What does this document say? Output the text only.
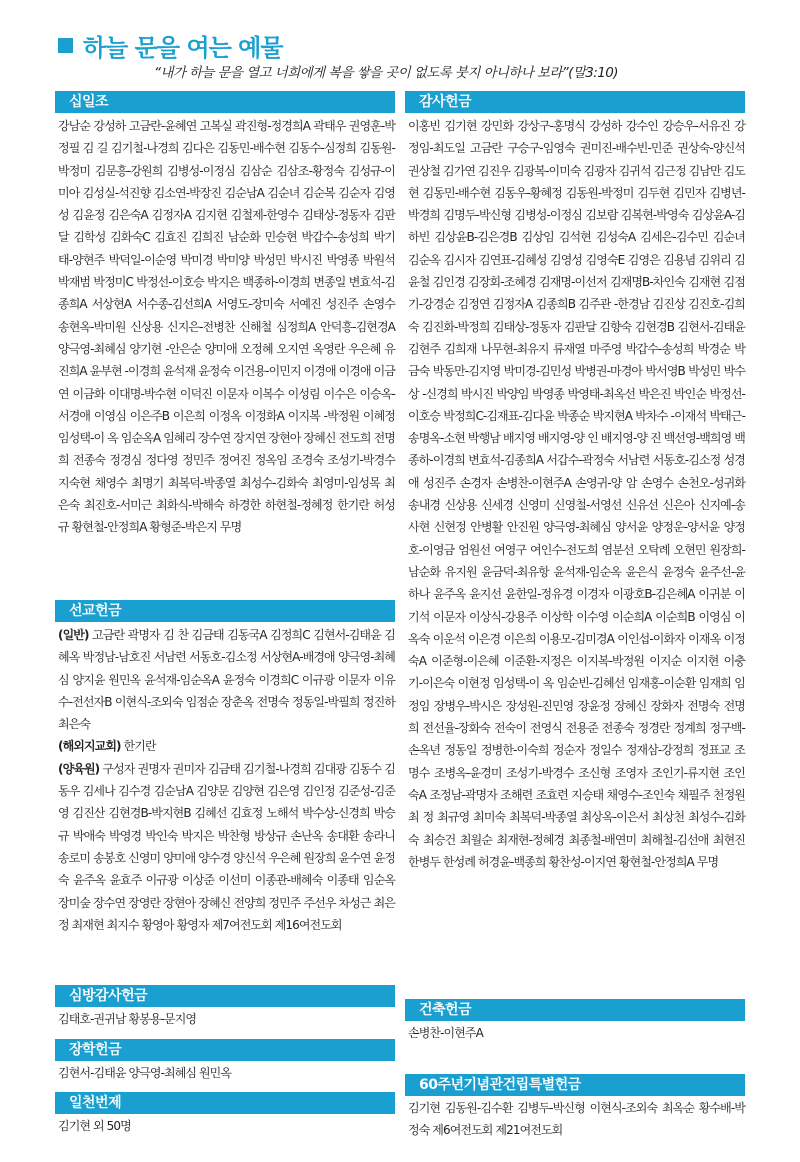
하늘 문을 여는 예물
“내가 하늘 문을 열고 너희에게 복을 쌓을 곳이 없도록 붓지 아니하나 보라”(말3:10)
십일조
강남순 강성하 고금란-윤혜연 고복실 곽진형-정경희A 곽태우 권영훈-박정필 김 길 김기철-나경희 김다은 김동민-배수현 김동수-심정희 김동원-박정미 김문흥-강원희 김병성-이정심 김삼순 김삼조-황정숙 김성규-이미아 김성실-석진향 김소연-박장진 김순남A 김순녀 김순복 김순자 김영성 김윤정 김은숙A 김정자A 김지현 김철제-한영수 김태상-정동자 김판달 김학성 김화숙C 김효진 김희진 남순화 민승현 박갑수-송성희 박기태-양현주 박덕일-이순영 박미경 박미양 박성민 박시진 박영종 박원석 박재범 박정미C 박정선-이호승 박지은 백종하-이경희 변종일 변효석-김종희A 서상현A 서수종-김선희A 서영도-장미숙 서예진 성진주 손영수 송현옥-박미원 신상용 신지은-전병찬 신해철 심정희A 안덕흥-김현경A 양극영-최혜심 양기현 -안은순 양미애 오정혜 오지연 옥영란 우은혜 유진희A 윤부현 -이경희 윤석재 윤정숙 이건용-이민지 이경애 이경애 이금연 이금화 이대명-박수현 이덕진 이문자 이복수 이성림 이수은 이승옥-서경애 이영심 이은주B 이은희 이정옥 이정화A 이지복 -박정원 이혜정 임성택-이 옥 임순옥A 임혜리 장수연 장지연 장현아 장혜신 전도희 전명희 전종숙 정경심 정다영 정민주 정여진 정옥임 조경숙 조성기-박경수 지숙현 채영수 최명기 최복덕-박종열 최성수-김화숙 최영미-임성목 최은숙 최진호-서미근 최화식-박해숙 하경한 하현철-정혜정 한기란 허성규 황현철-안정희A 황형준-박은지 무명
선교헌금
(일반) 고금란 곽명자 김 찬 김금태 김동국A 김정희C 김현서-김태윤 김혜옥 박정남-남호진 서남련 서동호-김소정 서상현A-배경애 양극영-최혜심 양지윤 원민옥 윤석재-임순옥A 윤정숙 이경희C 이규광 이문자 이유수-전선자B 이현식-조외숙 임점순 장춘옥 전명숙 정동일-박필희 정진하 최은숙
(해외지교회) 한기란
(양육원) 구성자 권명자 권미자 김금태 김기철-나경희 김대광 김동수 김동우 김세나 김수경 김순남A 김양문 김양현 김은영 김인정 김준성-김준영 김진산 김현경B-박지현B 김혜선 김효정 노해석 박수상-신경희 박승규 박애숙 박영경 박인숙 박지은 박찬형 방상규 손난옥 송대환 송라니 송로미 송봉호 신영미 양미애 양수경 양신석 우은혜 원장희 윤수연 윤정숙 윤주옥 윤효주 이규광 이상준 이선미 이종관-배혜숙 이종태 임순옥 장미숲 장수연 장영란 장현아 장혜신 전양희 정민주 주선우 차성근 최은정 최재현 최지수 황영아 황영자 제7여전도회 제16여전도회
심방감사헌금
김태호-권귀남 황봉용-문지영
장학헌금
김현서-김태윤 양극영-최혜심 원민옥
일천번제
김기현 외 50명
감사헌금
이홍빈 김기현 강민화 강상구-홍명식 강성하 강수인 강승우-서유진 강정임-최도일 고금란 구승구-임영숙 권미진-배수빈-민준 권상숙-양신석 권상철 김가연 김진우 김광복-이미숙 김광자 김귀석 김근정 김남만 김도현 김동민-배수현 김동우-황혜정 김동원-박정미 김두현 김민자 김병년-박경희 김명두-박신형 김병성-이정심 김보람 김복현-박영숙 김상윤A-김하빈 김상윤B-김은경B 김상임 김석현 김성숙A 김세은-김수민 김순녀 김순옥 김시자 김연표-김혜성 김영성 김영숙E 김영은 김용념 김위리 김윤철 김인경 김장회-조혜경 김재명-이선저 김재명B-차인숙 김재현 김점기-강경순 김정연 김정자A 김종희B 김주관 -한경남 김진상 김진호-김희숙 김진화-박정희 김태상-정동자 김판달 김향숙 김현경B 김현서-김태윤 김현주 김희재 나무현-최유지 류재열 마주영 박갑수-송성희 박경순 박금숙 박동만-김지영 박미경-김민성 박병권-마경아 박서영B 박성민 박수상 -신경희 박시진 박양임 박영종 박영태-최옥선 박은진 박인순 박정선-이호승 박정희C-김재표-김다윤 박종순 박지현A 박차수 -이재석 박태근-송명옥-소현 박행남 배지영 배지영-양 인 배지영-양 진 백선영-백희영 백종하-이경희 변효석-김종희A 서갑수-곽정숙 서남련 서동호-김소정 성경애 성진주 손경자 손병찬-이현주A 손영귀-양 암 손영수 손천오-성귀화 송내경 신상용 신세경 신영미 신영철-서영선 신유선 신은아 신지예-송사현 신현정 안병활 안진원 양극영-최혜심 양서윤 양정운-양서윤 양정호-이영금 엄원선 여영구 여인수-전도희 염분선 오탁례 오현민 원장희-남순화 유지원 윤금덕-최유항 윤석재-임순옥 윤은식 윤정숙 윤주선-윤하나 윤주옥 윤지선 윤한일-정유경 이경자 이광호B-김은혜A 이귀분 이기석 이문자 이상식-강용주 이상학 이수영 이순희A 이순희B 이영심 이옥숙 이운석 이은경 이은희 이용모-김미경A 이인섭-이화자 이재옥 이정숙A 이준형-이은혜 이준환-지정은 이지복-박정원 이지순 이지현 이충기-이은숙 이현정 임성택-이 옥 임순빈-김혜선 임재홍-이순환 임재희 임정임 장병우-박시은 장성원-진민영 장윤정 장혜신 장화자 전명숙 전명희 전선율-장화숙 전숙이 전영식 전용준 전종숙 정경란 정계희 정구백-손옥년 정동일 정병한-이숙희 정순자 정일수 정재삼-강정희 정표교 조명수 조병옥-윤경미 조성기-박경수 조신형 조영자 조인기-류지현 조인숙A 조정남-곽명자 조해련 조효련 지승태 채영수-조인숙 채필주 천정원 최 정 최규영 최미숙 최복덕-박종열 최상옥-이은서 최상천 최성수-김화숙 최승건 최월순 최재현-정혜경 최종철-배연미 최해철-김선애 최현진 한병두 한성례 허경윤-백종희 황찬성-이지연 황현철-안정희A 무명
건축헌금
손병찬-이현주A
60주년기념관건립특별헌금
김기현 김동원-김수환 김병두-박신형 이현식-조외숙 최옥순 황수배-박정숙 제6여전도회 제21여전도회
